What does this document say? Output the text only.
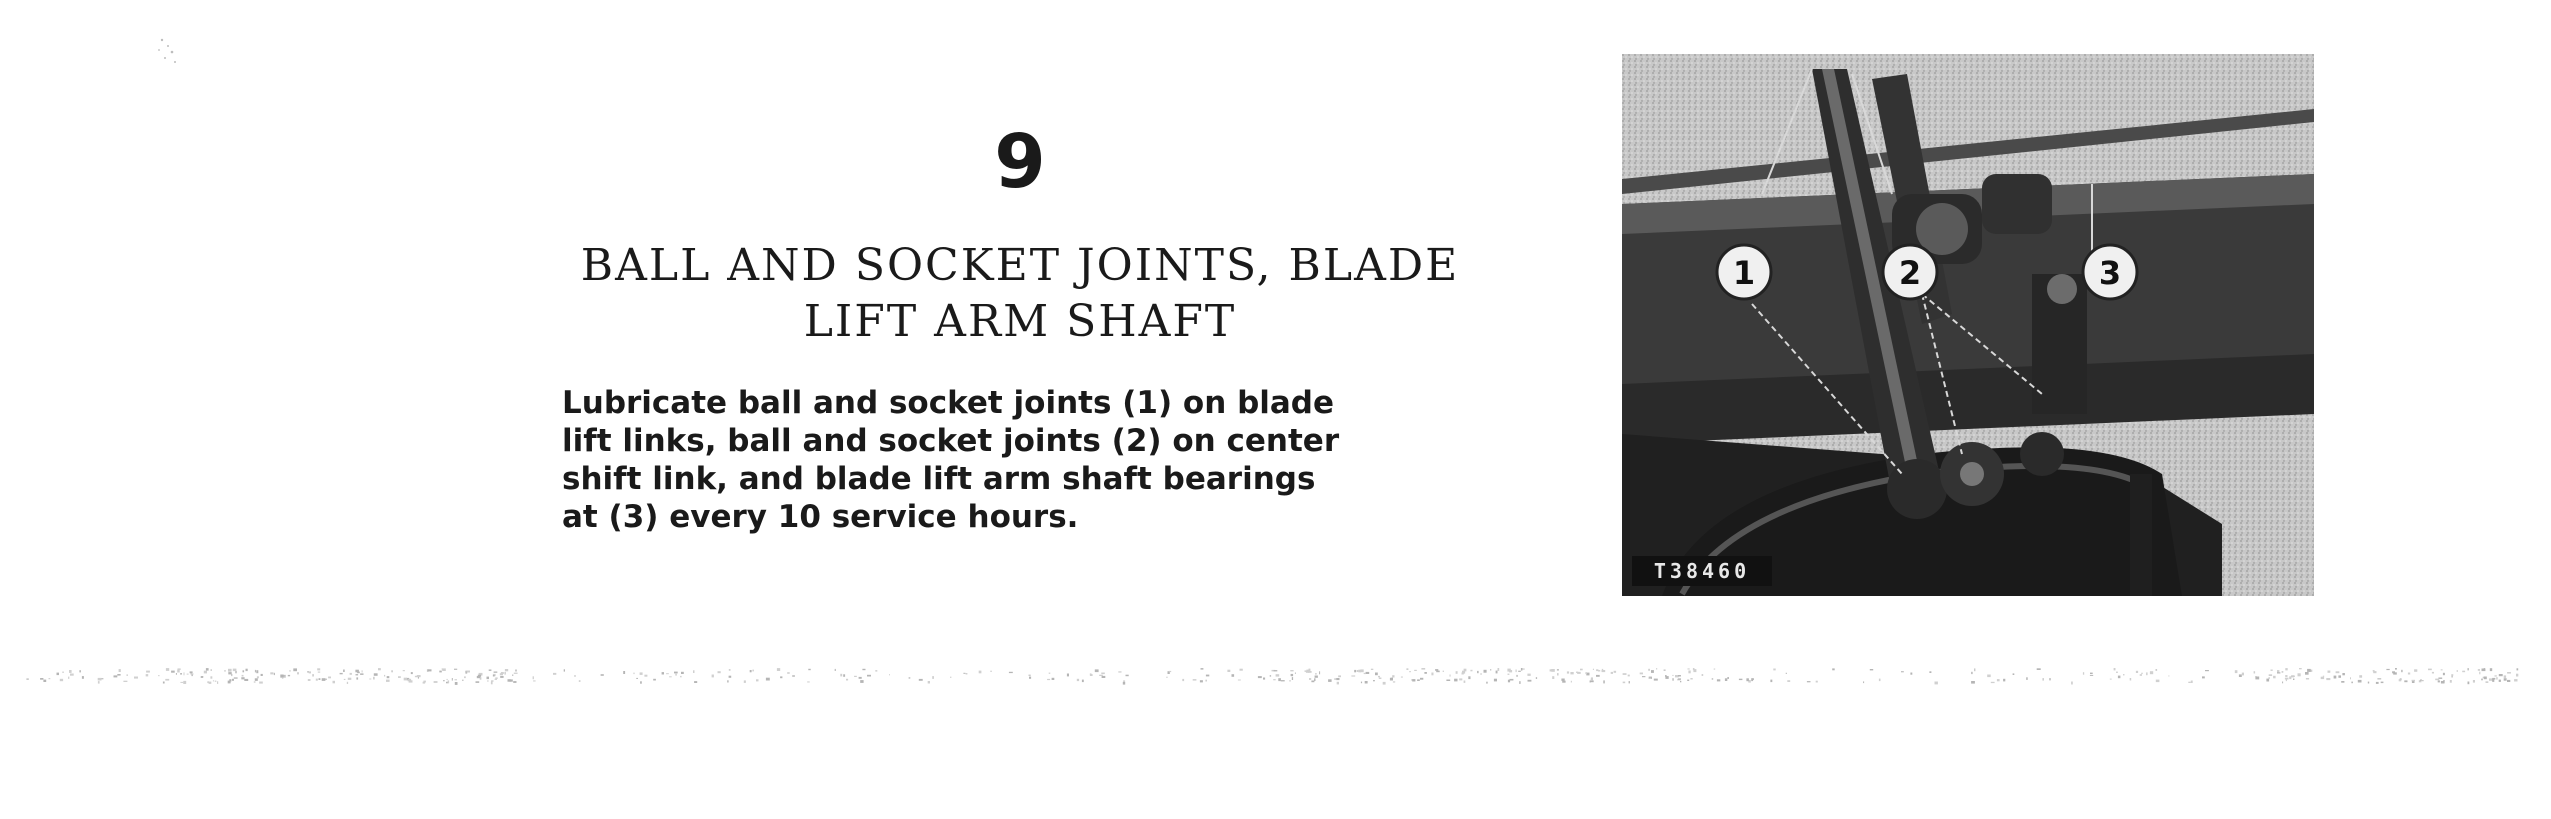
9
BALL AND SOCKET JOINTS, BLADE
LIFT ARM SHAFT
Lubricate ball and socket joints (1) on blade
lift links, ball and socket joints (2) on center
shift link, and blade lift arm shaft bearings
at (3) every 10 service hours.
1	2	3
T38460
